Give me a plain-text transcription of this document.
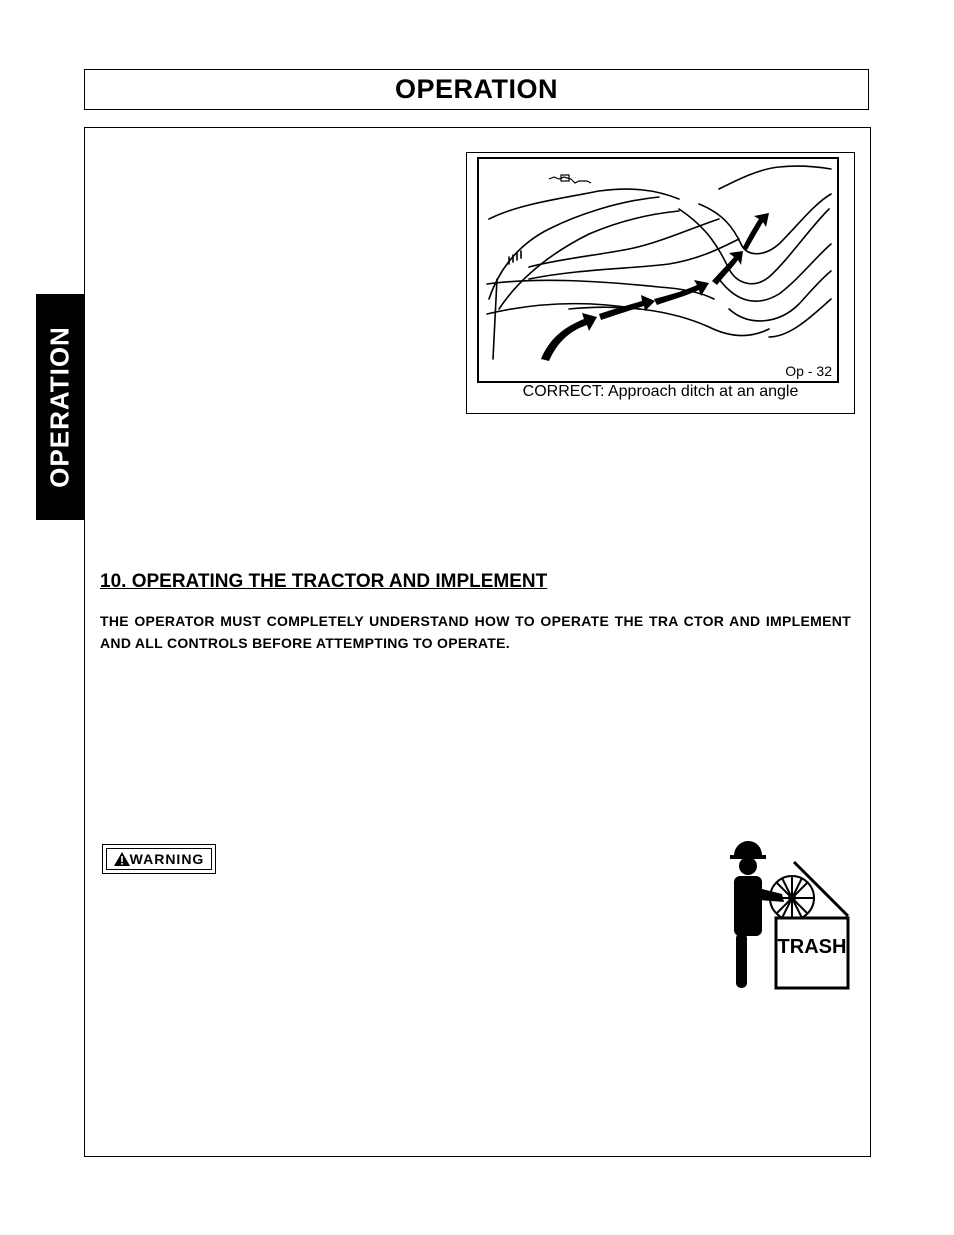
OPERATION
OPERATION	Op - 32
CORRECT: Approach ditch at an angle
10. OPERATING THE TRACTOR AND IMPLEMENT
THE OPERATOR MUST COMPLETELY UNDERSTAND HOW TO OPERATE THE TRA CTOR AND IMPLEMENT AND ALL CONTROLS BEFORE ATTEMPTING TO OPERATE.
WARNING
TRASH
